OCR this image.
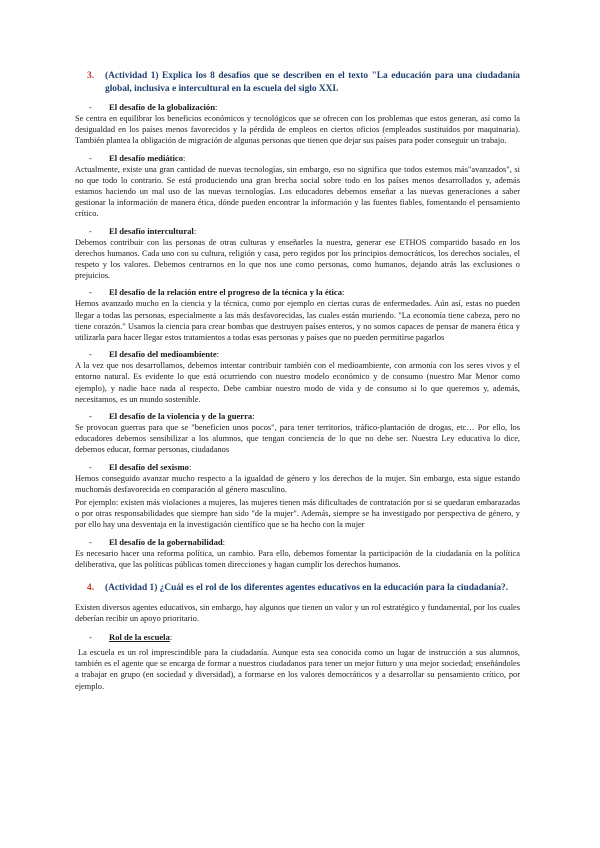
3.	(Actividad 1) Explica los 8 desafíos que se describen en el texto "La educación para una ciudadanía global, inclusiva e intercultural en la escuela del siglo XXI.
- El desafío de la globalización:

Se centra en equilibrar los beneficios económicos y tecnológicos que se ofrecen con los problemas que estos generan, así como la desigualdad en los países menos favorecidos y la pérdida de empleos en ciertos oficios (empleados sustituidos por maquinaria). También plantea la obligación de migración de algunas personas que tienen que dejar sus países para poder conseguir un trabajo.

- El desafío mediático:

Actualmente, existe una gran cantidad de nuevas tecnologías, sin embargo, eso no significa que todos estemos más"avanzados", si no que todo lo contrario. Se está produciendo una gran brecha social sobre todo en los países menos desarrollados y, además estamos haciendo un mal uso de las nuevas tecnologías. Los educadores debemos enseñar a las nuevas generaciones a saber gestionar la información de manera ética, dónde pueden encontrar la información y las fuentes fiables, fomentando el pensamiento crítico.

- El desafío intercultural:

Debemos contribuir con las personas de otras culturas y enseñarles la nuestra, generar ese ETHOS compartido basado en los derechos humanos. Cada uno con su cultura, religión y casa, pero regidos por los principios democráticos, los derechos sociales, el respeto y los valores. Debemos centrarnos en lo que nos une como personas, como humanos, dejando atrás las exclusiones o prejuicios.

- El desafío de la relación entre el progreso de la técnica y la ética:

Hemos avanzado mucho en la ciencia y la técnica, como por ejemplo en ciertas curas de enfermedades. Aún así, estas no pueden llegar a todas las personas, especialmente a las más desfavorecidas, las cuales están muriendo. "La economía tiene cabeza, pero no tiene corazón." Usamos la ciencia para crear bombas que destruyen países enteros, y no somos capaces de pensar de manera ética y utilizarla para hacer llegar estos tratamientos a todas esas personas y países que no pueden permitirse pagarlos

- El desafío del medioambiente:

A la vez que nos desarrollamos, debemos intentar contribuir también con el medioambiente, con armonía con los seres vivos y el entorno natural. Es evidente lo que está ocurriendo con nuestro modelo económico y de consumo (nuestro Mar Menor como ejemplo), y nadie hace nada al respecto. Debe cambiar nuestro modo de vida y de consumo si lo que queremos y, además, necesitamos, es un mundo sostenible.

- El desafío de la violencia y de la guerra:

Se provocan guerras para que se "beneficien unos pocos", para tener territorios, tráfico-plantación de drogas, etc… Por ello, los educadores debemos sensibilizar a los alumnos, que tengan conciencia de lo que no debe ser. Nuestra Ley educativa lo dice, debemos educar, formar personas, ciudadanos

- El desafío del sexismo:

Hemos conseguido avanzar mucho respecto a la igualdad de género y los derechos de la mujer. Sin embargo, esta sigue estando muchomás desfavorecida en comparación al género masculino.

Por ejemplo: existen más violaciones a mujeres, las mujeres tienen más dificultades de contratación por si se quedaran embarazadas o por otras responsabilidades que siempre han sido "de la mujer". Además, siempre se ha investigado por perspectiva de género, y por ello hay una desventaja en la investigación científico que se ha hecho con la mujer

- El desafío de la gobernabilidad:

Es necesario hacer una reforma política, un cambio. Para ello, debemos fomentar la participación de la ciudadanía en la política deliberativa, que las políticas públicas tomen direcciones y hagan cumplir los derechos humanos.

4.	(Actividad 1) ¿Cuál es el rol de los diferentes agentes educativos en la educación para la ciudadanía?.

Existen diversos agentes educativos, sin embargo, hay algunos que tienen un valor y un rol estratégico y fundamental, por los cuales deberían recibir un apoyo prioritario.

- Rol de la escuela:

La escuela es un rol imprescindible para la ciudadanía. Aunque esta sea conocida como un lugar de instrucción a sus alumnos, también es el agente que se encarga de formar a nuestros ciudadanos para tener un mejor futuro y una mejor sociedad; enseñándoles a trabajar en grupo (en sociedad y diversidad), a formarse en los valores democráticos y a desarrollar su pensamiento crítico, por ejemplo.
